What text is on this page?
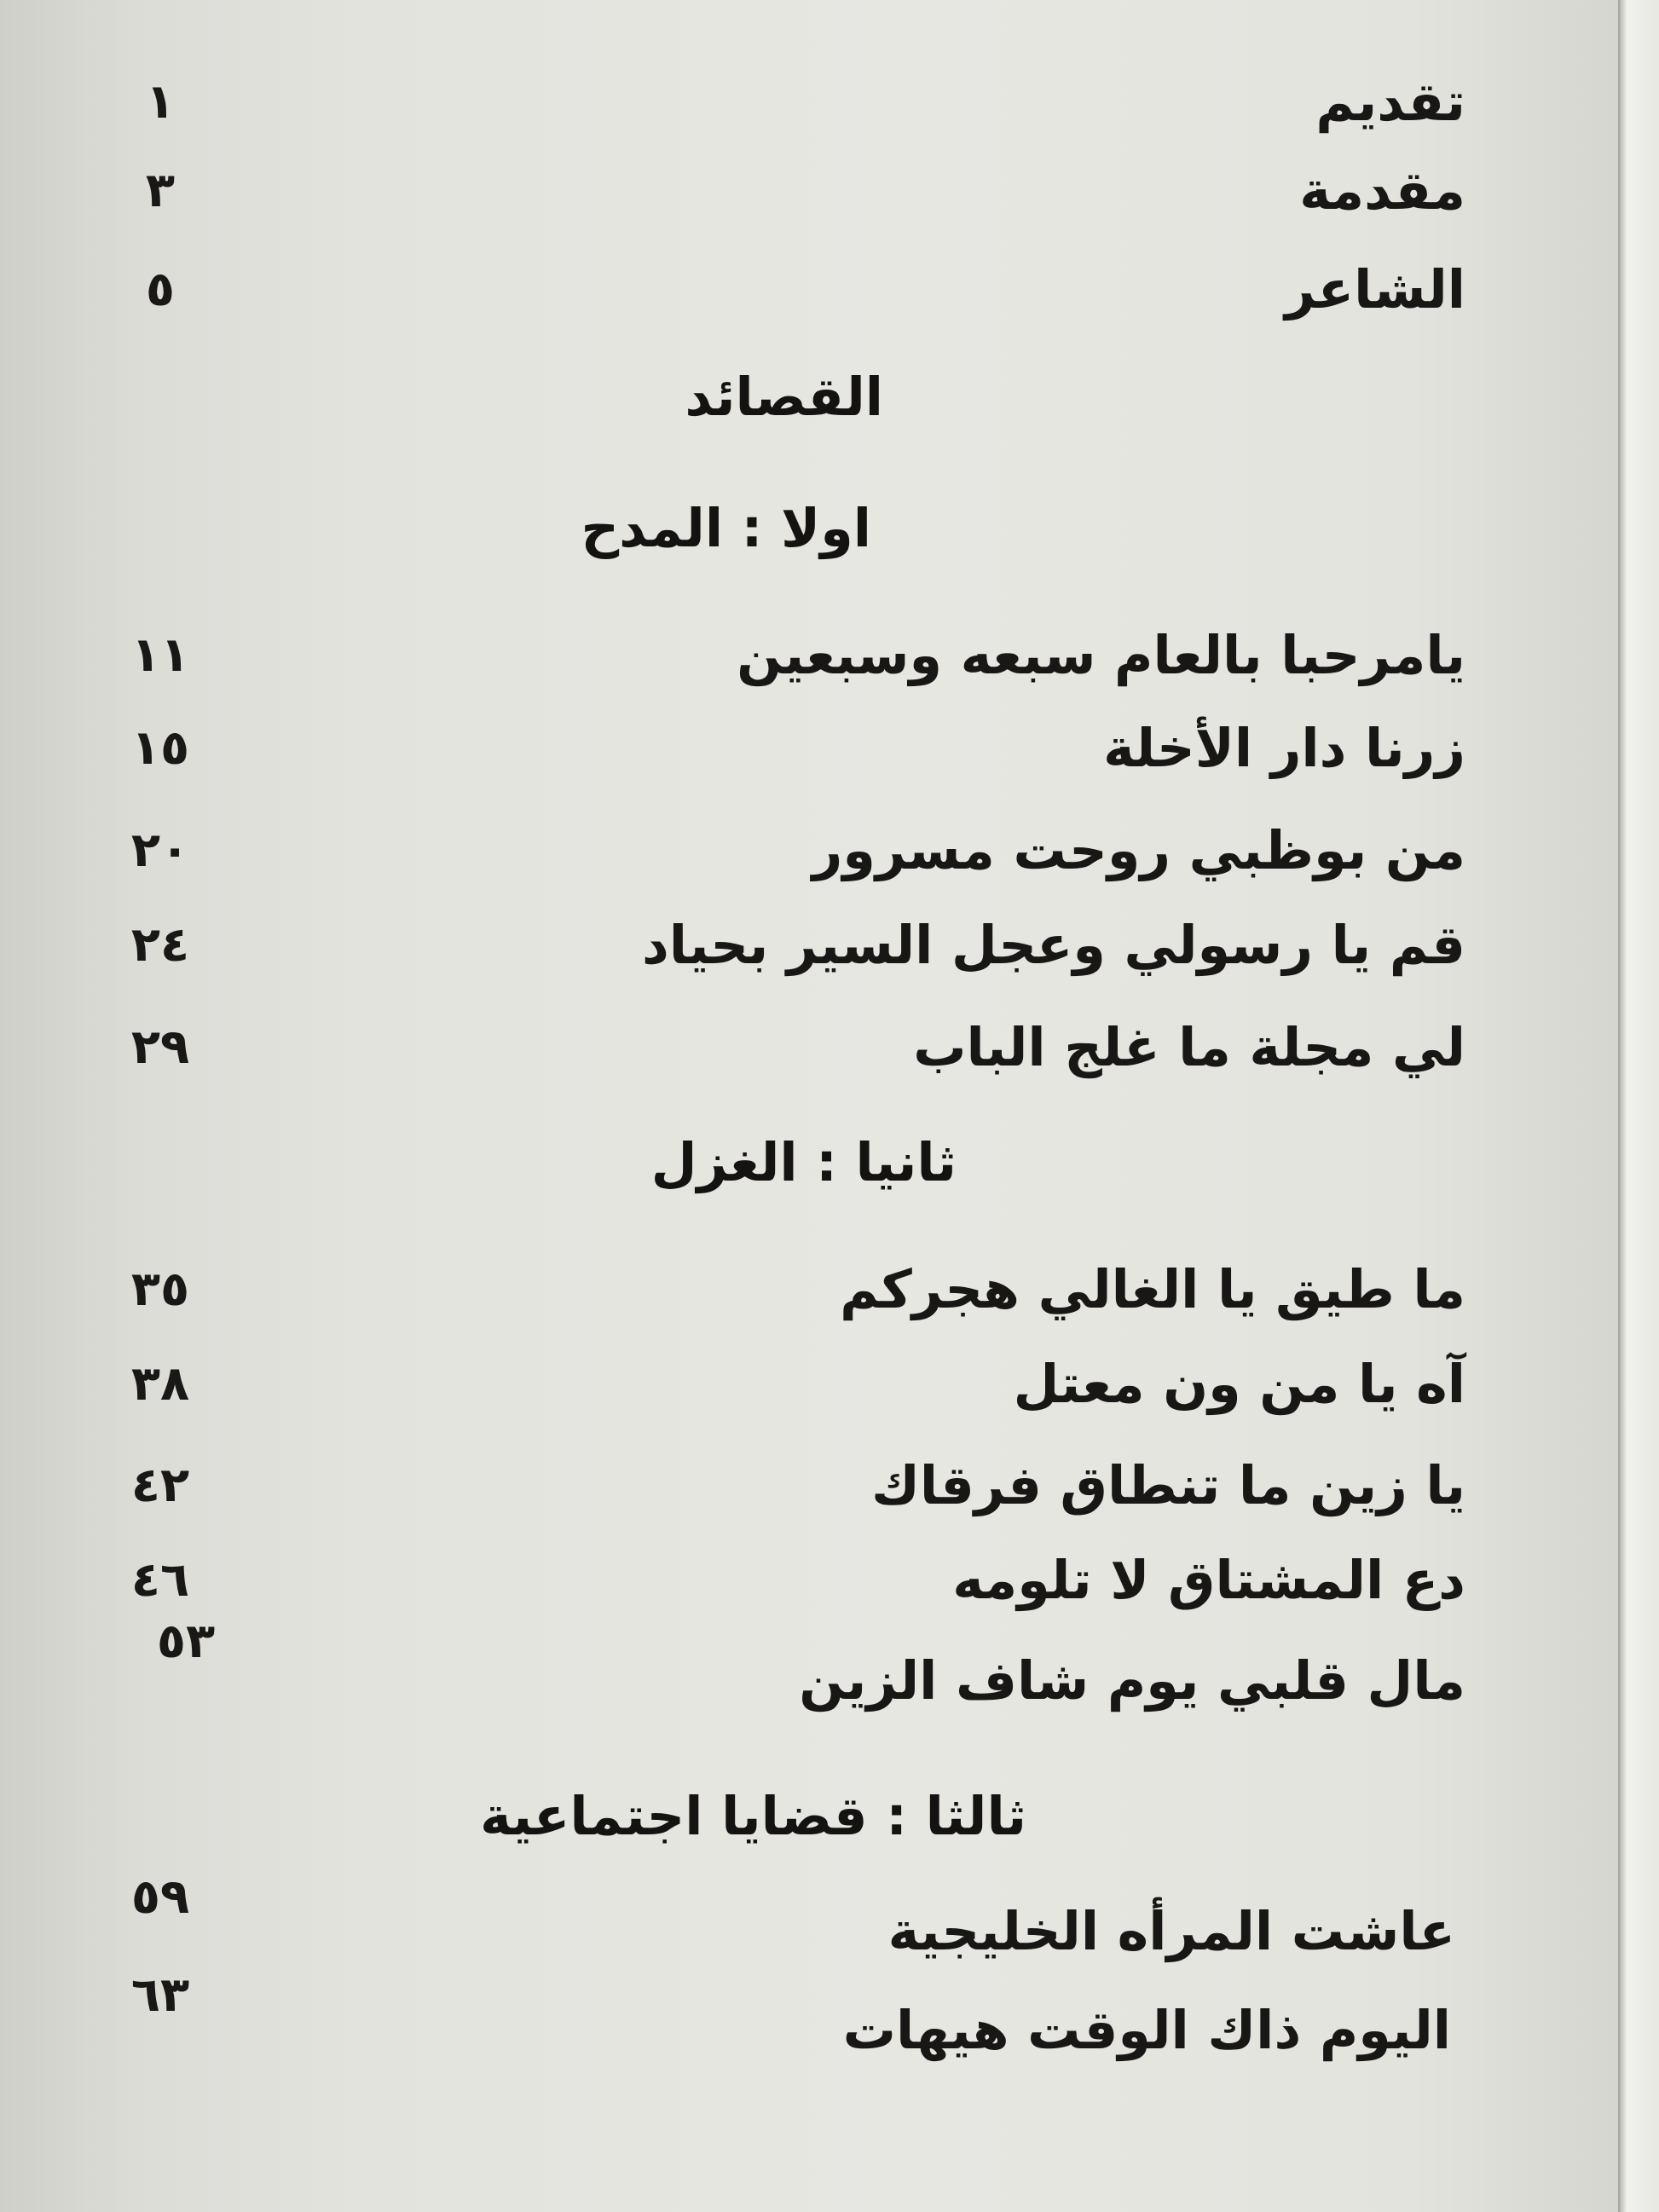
تقديم
١
مقدمة
٣
الشاعر
٥
القصائد
اولا : المدح
يامرحبا بالعام سبعه وسبعين
١١
زرنا دار الأخلة
١٥
من بوظبي روحت مسرور
٢٠
قم يا رسولي وعجل السير بحياد
٢٤
لي مجلة ما غلج الباب
٢٩
ثانيا : الغزل
ما طيق يا الغالي هجركم
٣٥
آه يا من ون معتل
٣٨
يا زين ما تنطاق فرقاك
٤٢
دع المشتاق لا تلومه
٤٦
٥٣
مال قلبي يوم شاف الزين
ثالثا : قضايا اجتماعية
٥٩
عاشت المرأه الخليجية
٦٣
اليوم ذاك الوقت هيهات
